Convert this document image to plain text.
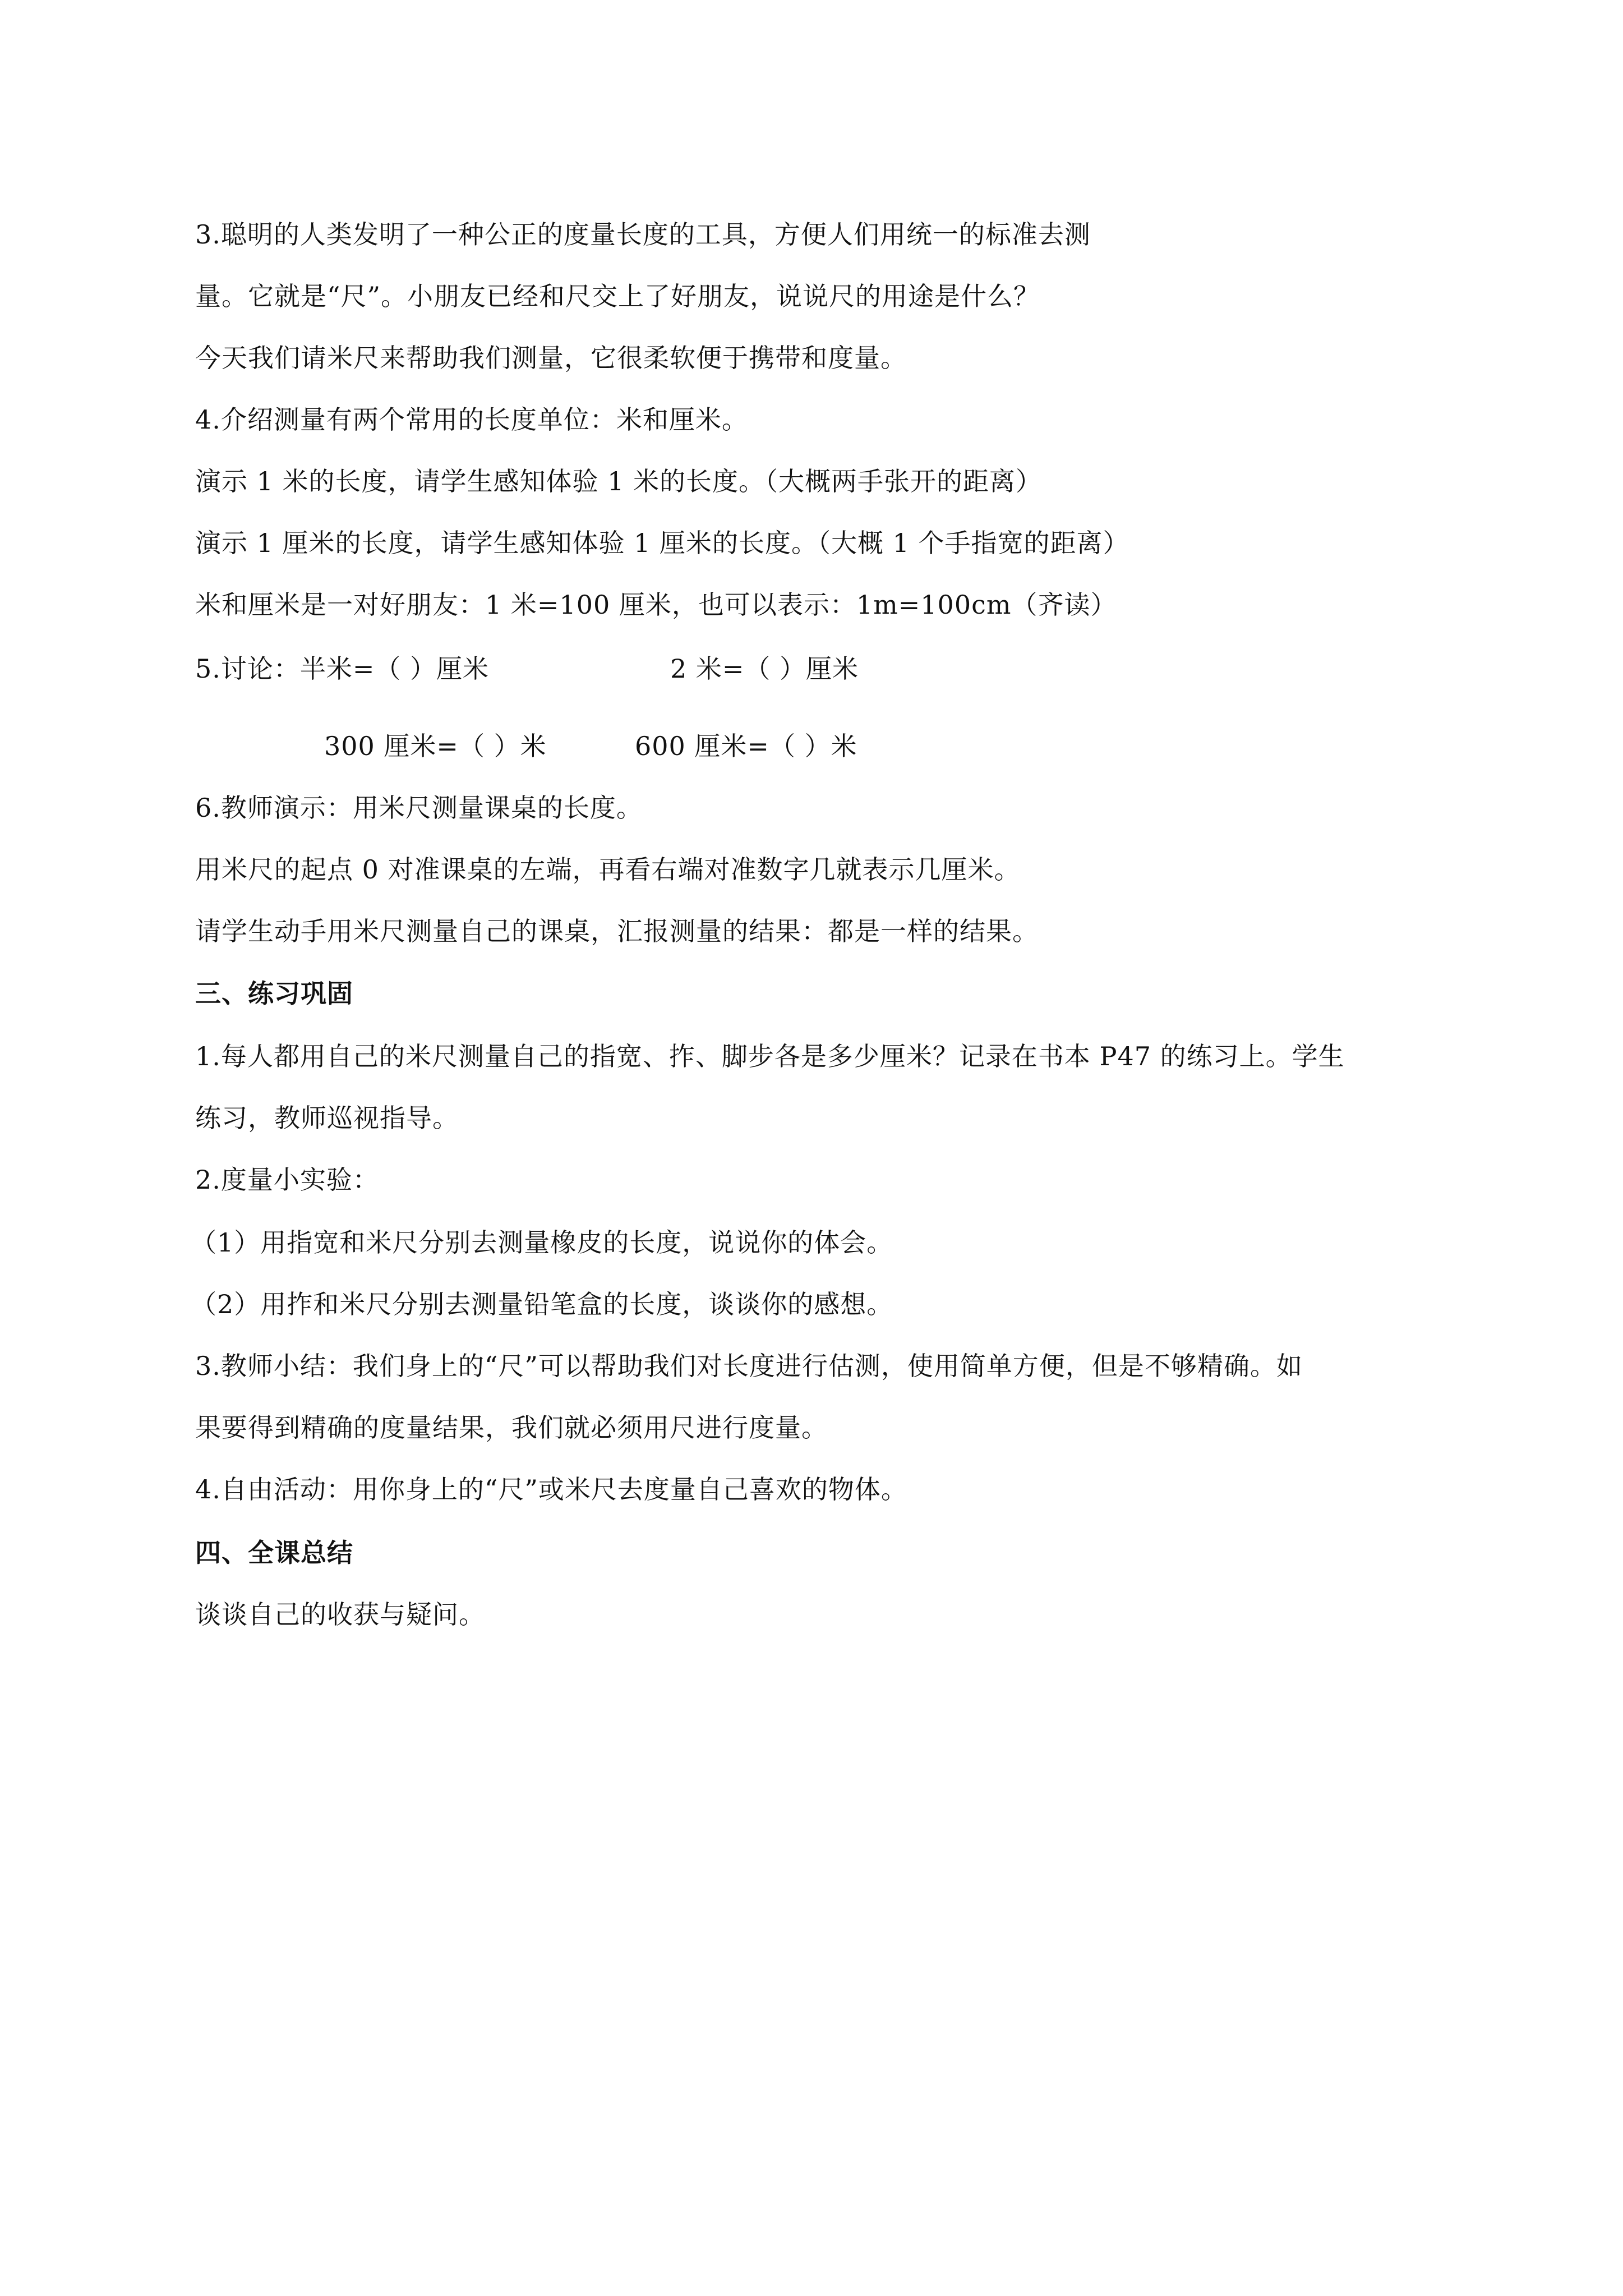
3.聪明的人类发明了一种公正的度量长度的工具，方便人们用统一的标准去测
量。它就是“尺”。小朋友已经和尺交上了好朋友，说说尺的用途是什么？
今天我们请米尺来帮助我们测量，它很柔软便于携带和度量。
4.介绍测量有两个常用的长度单位：米和厘米。
演示 1 米的长度，请学生感知体验 1 米的长度。（大概两手张开的距离）
演示 1 厘米的长度，请学生感知体验 1 厘米的长度。（大概 1 个手指宽的距离）
米和厘米是一对好朋友：1 米=100 厘米，也可以表示：1m=100cm（齐读）
5.讨论：半米=（ ）厘米	2 米=（ ）厘米
300 厘米=（ ）米	600 厘米=（ ）米
6.教师演示：用米尺测量课桌的长度。
用米尺的起点 0 对准课桌的左端，再看右端对准数字几就表示几厘米。
请学生动手用米尺测量自己的课桌，汇报测量的结果：都是一样的结果。
三、练习巩固
1.每人都用自己的米尺测量自己的指宽、拃、脚步各是多少厘米？记录在书本 P47 的练习上。学生
练习，教师巡视指导。
2.度量小实验：
（1）用指宽和米尺分别去测量橡皮的长度，说说你的体会。
（2）用拃和米尺分别去测量铅笔盒的长度，谈谈你的感想。
3.教师小结：我们身上的“尺”可以帮助我们对长度进行估测，使用简单方便，但是不够精确。如
果要得到精确的度量结果，我们就必须用尺进行度量。
4.自由活动：用你身上的“尺”或米尺去度量自己喜欢的物体。
四、全课总结
谈谈自己的收获与疑问。
